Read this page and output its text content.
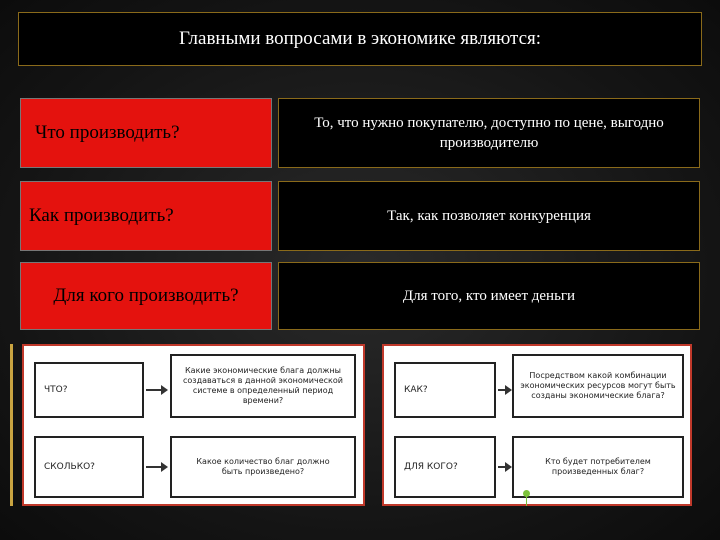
Главными вопросами в экономике являются:
Что производить?	То, что нужно покупателю, доступно по цене, выгодно производителю
Как производить?	Так, как позволяет конкуренция
Для кого производить?	Для того, кто имеет деньги
ЧТО?
Какие экономические блага должны создаваться в данной экономической системе в определенный период времени?
СКОЛЬКО?
Какое количество благ должно быть произведено?
КАК?
Посредством какой комбинации экономических ресурсов могут быть созданы экономические блага?
ДЛЯ КОГО?
Кто будет потребителем произведенных благ?
